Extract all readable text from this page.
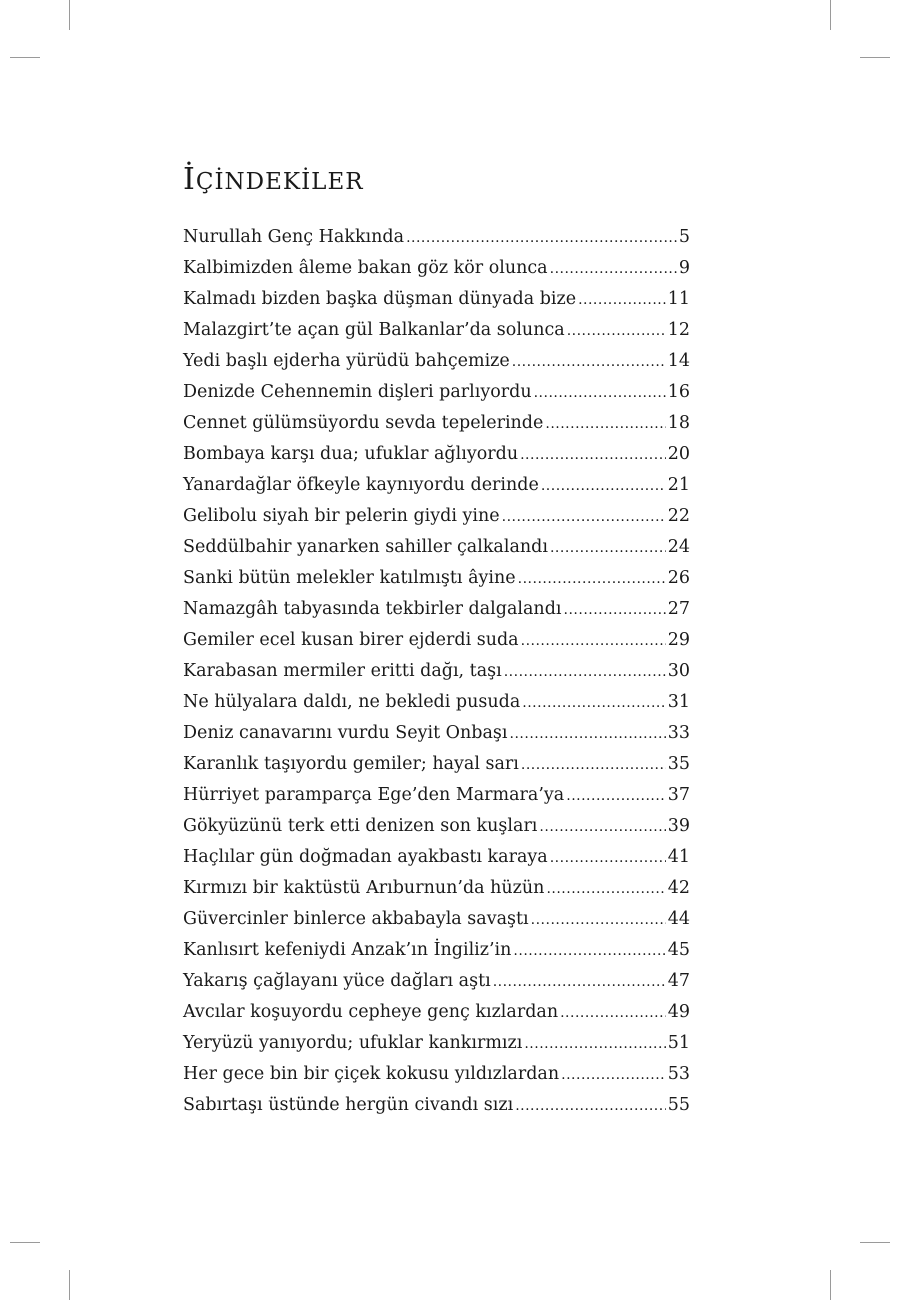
İÇİNDEKİLER
Nurullah Genç Hakkında .....	5
Kalbimizden âleme bakan göz kör olunca .....	9
Kalmadı bizden başka düşman dünyada bize .....	11
Malazgirt’te açan gül Balkanlar’da solunca .....	12
Yedi başlı ejderha yürüdü bahçemize .....	14
Denizde Cehennemin dişleri parlıyordu .....	16
Cennet gülümsüyordu sevda tepelerinde .....	18
Bombaya karşı dua; ufuklar ağlıyordu .....	20
Yanardağlar öfkeyle kaynıyordu derinde .....	21
Gelibolu siyah bir pelerin giydi yine .....	22
Seddülbahir yanarken sahiller çalkalandı .....	24
Sanki bütün melekler katılmıştı âyine .....	26
Namazgâh tabyasında tekbirler dalgalandı .....	27
Gemiler ecel kusan birer ejderdi suda .....	29
Karabasan mermiler eritti dağı, taşı .....	30
Ne hülyalara daldı, ne bekledi pusuda .....	31
Deniz canavarını vurdu Seyit Onbaşı .....	33
Karanlık taşıyordu gemiler; hayal sarı .....	35
Hürriyet paramparça Ege’den Marmara’ya .....	37
Gökyüzünü terk etti denizen son kuşları .....	39
Haçlılar gün doğmadan ayakbastı karaya .....	41
Kırmızı bir kaktüstü Arıburnun’da hüzün .....	42
Güvercinler binlerce akbabayla savaştı .....	44
Kanlısırt kefeniydi Anzak’ın İngiliz’in .....	45
Yakarış çağlayanı yüce dağları aştı .....	47
Avcılar koşuyordu cepheye genç kızlardan .....	49
Yeryüzü yanıyordu; ufuklar kankırmızı .....	51
Her gece bin bir çiçek kokusu yıldızlardan .....	53
Sabırtaşı üstünde hergün civandı sızı .....	55
